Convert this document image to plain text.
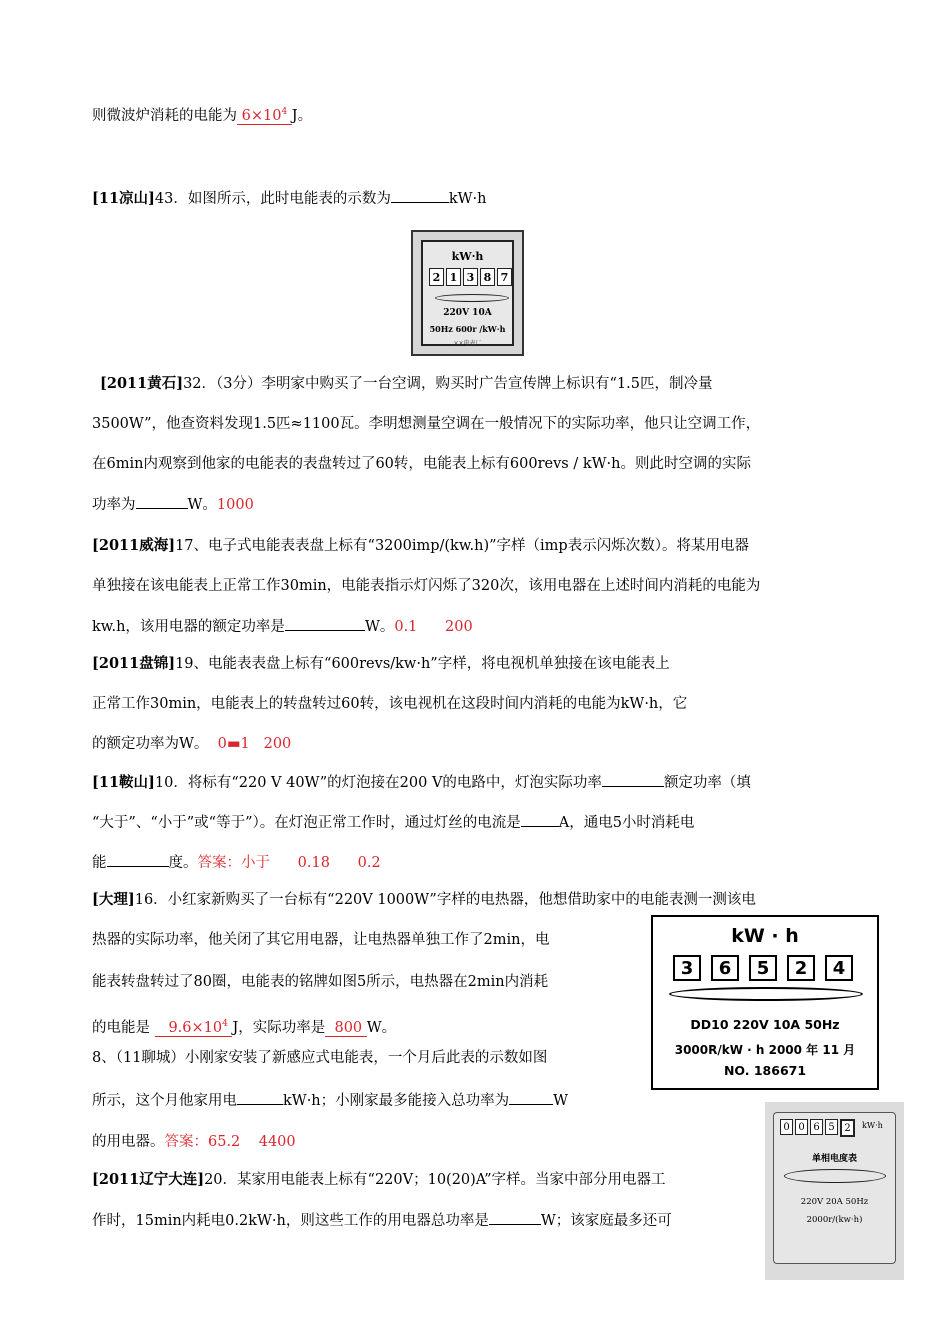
则微波炉消耗的电能为 $6\times 10^4$ J。
[11凉山]43．如图所示，此时电能表的示数为	kW·h
kW·h
2 1 3 8 7
220V 10A
50Hz 600r /kW·h
××电表厂
[2011黄石]32．（3分）李明家中购买了一台空调，购买时广告宣传牌上标识有“1.5匹，制冷量
3500W”，他查资料发现1.5匹≈1100瓦。李明想测量空调在一般情况下的实际功率，他只让空调工作，
在6min内观察到他家的电能表的表盘转过了60转，电能表上标有600revs / kW·h。则此时空调的实际
功率为	W。1000
[2011威海]17、电子式电能表表盘上标有“3200imp/(kw.h)”字样（imp表示闪烁次数）。将某用电器
单独接在该电能表上正常工作30min，电能表指示灯闪烁了320次，该用电器在上述时间内消耗的电能为
kw.h，该用电器的额定功率是	W。0.1      200
[2011盘锦]19、电能表表盘上标有“600revs/kw·h”字样，将电视机单独接在该电能表上
正常工作30min，电能表上的转盘转过60转，该电视机在这段时间内消耗的电能为kW·h，它
的额定功率为W。 0▬1   200
[11鞍山]10．将标有“220 V 40W”的灯泡接在200 V的电路中，灯泡实际功率	额定功率（填
“大于”、“小于”或“等于”）。在灯泡正常工作时，通过灯丝的电流是	A，通电5小时消耗电
能	度。答案：小于      0.18      0.2
[大理]16．小红家新购买了一台标有“220V 1000W”字样的电热器，他想借助家中的电能表测一测该电
热器的实际功率，他关闭了其它用电器，让电热器单独工作了2min，电
能表转盘转过了80圈，电能表的铭牌如图5所示，电热器在2min内消耗
的电能是 $9.6\times 10^4$ J，实际功率是 800 W。
8、（11聊城）小刚家安装了新感应式电能表，一个月后此表的示数如图
kW · h
3	6	5	2	4
DD10 220V 10A 50Hz
3000R/kW · h 2000 年 11 月
NO. 186671
所示，这个月他家用电	kW·h；小刚家最多能接入总功率为	W
的用电器。答案：65.2    4400
0 0 6 5 2	kW·h
单相电度表
220V 20A 50Hz
2000r/(kw·h)
[2011辽宁大连]20．某家用电能表上标有“220V；10(20)A”字样。当家中部分用电器工
作时，15min内耗电0.2kW·h，则这些工作的用电器总功率是	W；该家庭最多还可
